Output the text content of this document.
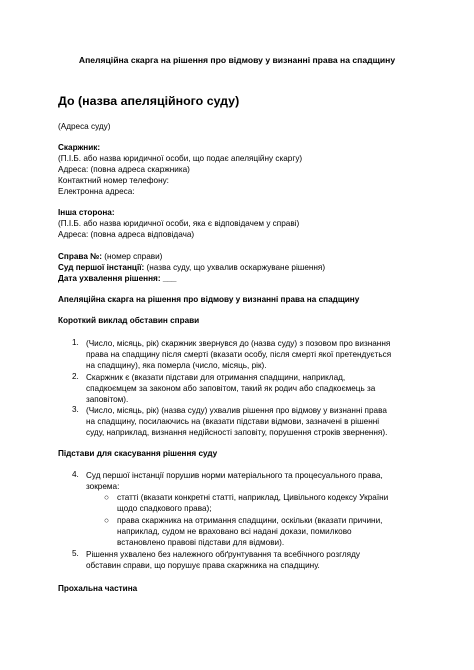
Апеляційна скарга на рішення про відмову у визнанні права на спадщину
До (назва апеляційного суду)
(Адреса суду)
Скаржник:
(П.І.Б. або назва юридичної особи, що подає апеляційну скаргу)
Адреса: (повна адреса скаржника)
Контактний номер телефону:
Електронна адреса:
Інша сторона:
(П.І.Б. або назва юридичної особи, яка є відповідачем у справі)
Адреса: (повна адреса відповідача)
Справа №: (номер справи)
Суд першої інстанції: (назва суду, що ухвалив оскаржуване рішення)
Дата ухвалення рішення: ___
Апеляційна скарга на рішення про відмову у визнанні права на спадщину
Короткий виклад обставин справи
1. (Число, місяць, рік) скаржник звернувся до (назва суду) з позовом про визнання
права на спадщину після смерті (вказати особу, після смерті якої претендується
на спадщину), яка померла (число, місяць, рік).
2. Скаржник є (вказати підстави для отримання спадщини, наприклад,
спадкоємцем за законом або заповітом, такий як родич або спадкоємець за
заповітом).
3. (Число, місяць, рік) (назва суду) ухвалив рішення про відмову у визнанні права
на спадщину, посилаючись на (вказати підстави відмови, зазначені в рішенні
суду, наприклад, визнання недійсності заповіту, порушення строків звернення).
Підстави для скасування рішення суду
4. Суд першої інстанції порушив норми матеріального та процесуального права,
зокрема:
○ статті (вказати конкретні статті, наприклад, Цивільного кодексу України
щодо спадкового права);
○ права скаржника на отримання спадщини, оскільки (вказати причини,
наприклад, судом не враховано всі надані докази, помилково
встановлено правові підстави для відмови).
5. Рішення ухвалено без належного обґрунтування та всебічного розгляду
обставин справи, що порушує права скаржника на спадщину.
Прохальна частина
